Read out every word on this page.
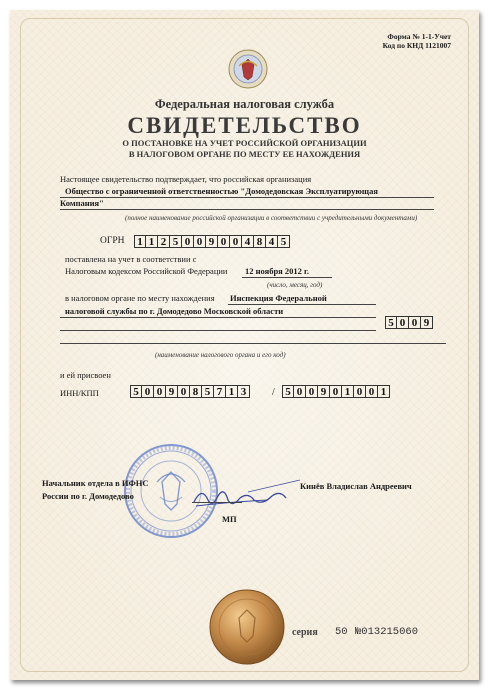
Форма № 1-1-Учет
Код по КНД 1121007
Федеральная налоговая служба
СВИДЕТЕЛЬСТВО
О ПОСТАНОВКЕ НА УЧЕТ РОССИЙСКОЙ ОРГАНИЗАЦИИ
В НАЛОГОВОМ ОРГАНЕ ПО МЕСТУ ЕЕ НАХОЖДЕНИЯ
Настоящее свидетельство подтверждает, что российская организация
Общество с ограниченной ответственностью "Домодедовская Эксплуатирующая
Компания"
(полное наименование российской организации в соответствии с учредительными документами)
ОГРН 1 1 2 5 0 0 9 0 0 4 8 4 5
поставлена на учет в соответствии с
Налоговым кодексом Российской Федерации 12 ноября 2012 г.
(число, месяц, год)
в налоговом органе по месту нахождения Инспекция Федеральной
налоговой службы по г. Домодедово Московской области
5 0 0 9
(наименование налогового органа и его код)
и ей присвоен
ИНН/КПП	5 0 0 9 0 8 5 7 1 3	/ 5 0 0 9 0 1 0 0 1
Начальник отдела в ИФНС
России по г. Домодедово
Кинёв Владислав Андреевич
МП
серия 50 №013215060
